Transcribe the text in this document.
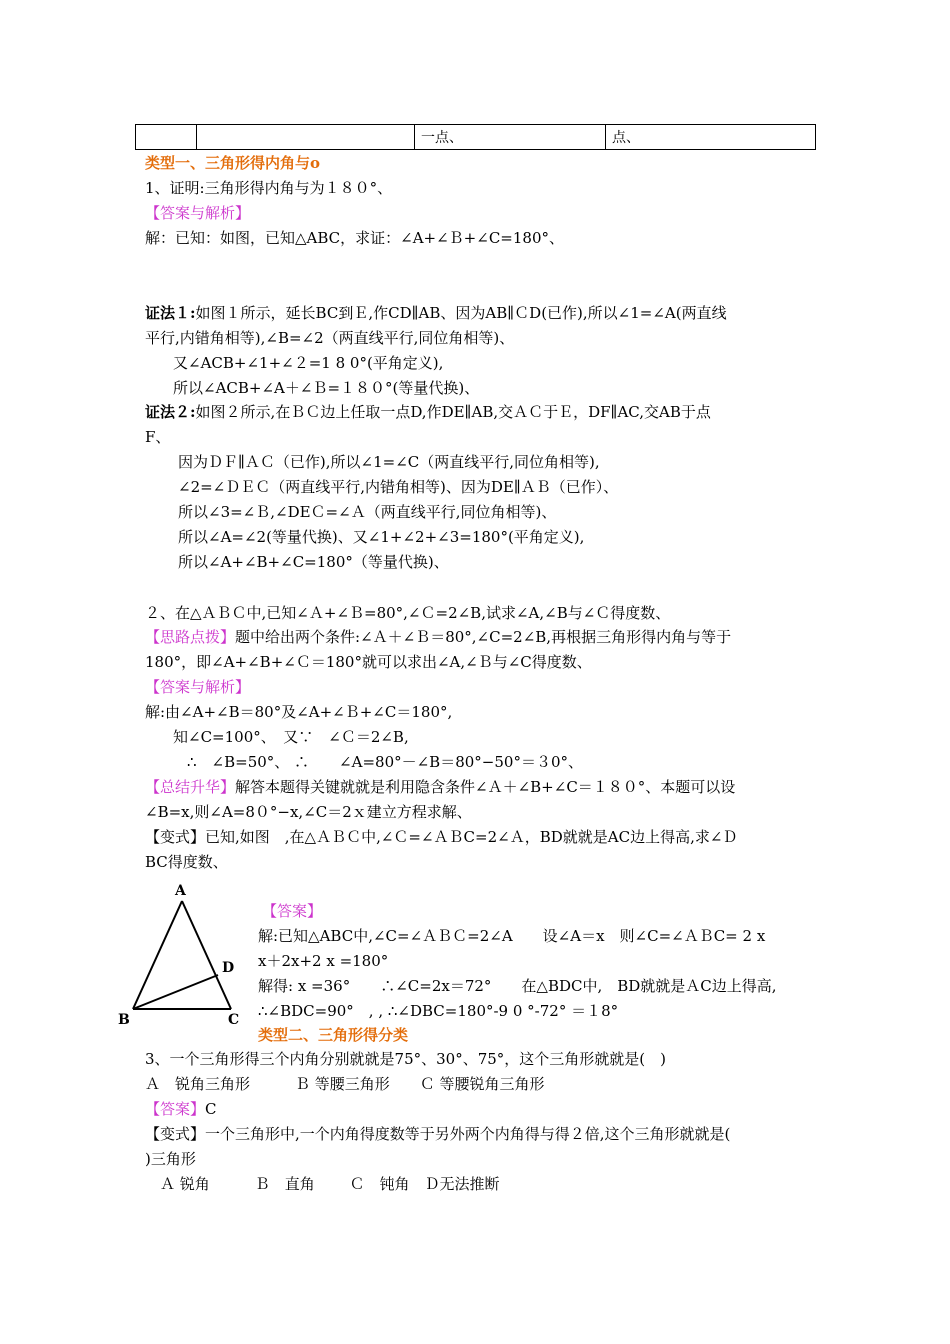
		一点、	点、
类型一、三角形得内角与o
1、证明:三角形得内角与为１８０°、
【答案与解析】
解：已知：如图，已知△ABC，求证：∠A+∠Ｂ+∠C=180°、
证法１:如图１所示，延长BC到Ｅ,作CD∥AB、因为AB∥ＣD(已作),所以∠1=∠A(两直线
平行,内错角相等),∠B=∠2（两直线平行,同位角相等)、
又∠ACB+∠1+∠２=1 8 0°(平角定义),
所以∠ACB+∠A＋∠Ｂ=１８０°(等量代换)、
证法２:如图２所示,在ＢＣ边上任取一点D,作DE∥AB,交ＡＣ于Ｅ，DF∥AC,交AB于点
F、
因为ＤＦ∥ＡＣ（已作),所以∠1=∠C（两直线平行,同位角相等),
∠2=∠ＤＥＣ（两直线平行,内错角相等)、因为DE∥ＡＢ（已作）、
所以∠3=∠Ｂ,∠DEＣ=∠Ａ（两直线平行,同位角相等)、
所以∠A=∠2(等量代换)、又∠1+∠2+∠3=180°(平角定义),
所以∠A+∠B+∠C=180°（等量代换)、
２、在△ＡＢＣ中,已知∠Ａ+∠Ｂ=80°,∠Ｃ=2∠B,试求∠A,∠B与∠Ｃ得度数、
【思路点拨】题中给出两个条件:∠Ａ＋∠Ｂ＝80°,∠C=2∠B,再根据三角形得内角与等于
180°，即∠A+∠B+∠Ｃ＝180°就可以求出∠A,∠Ｂ与∠C得度数、
【答案与解析】
解:由∠A+∠B＝80°及∠A+∠Ｂ+∠C＝180°,
知∠C=100°、　又∵　∠Ｃ＝2∠B,
∴　∠B=50°、 ∴　　∠A=80°－∠B＝80°−50°＝３0°、
【总结升华】解答本题得关键就就是利用隐含条件∠Ａ＋∠B+∠C＝１８０°、本题可以设
∠B=x,则∠A=8０°−x,∠C＝2ｘ建立方程求解、
【变式】已知,如图　,在△ＡＢＣ中,∠Ｃ=∠ＡＢC=2∠Ａ，BD就就是AC边上得高,求∠Ｄ
BC得度数、
A
B	C
D
【答案】
解:已知△ABC中,∠C=∠ＡＢＣ=2∠A　　设∠A＝x　则∠C=∠ＡＢC= 2 x
x＋2x+2 x =180°
解得: x =36°　　∴∠C=2x＝72°　　在△BDC中,　BD就就是ＡC边上得高,
∴∠BDC=90°　, , ∴∠DBC=180°-9 0 °-72° ＝１8°
类型二、三角形得分类
3、一个三角形得三个内角分别就就是75°、30°、75°，这个三角形就就是(　)
Ａ　锐角三角形　　　Ｂ 等腰三角形　　Ｃ 等腰锐角三角形
【答案】C
【变式】一个三角形中,一个内角得度数等于另外两个内角得与得２倍,这个三角形就就是(
)三角形
Ａ 锐角　　　Ｂ　直角　　 Ｃ　钝角　Ｄ无法推断
